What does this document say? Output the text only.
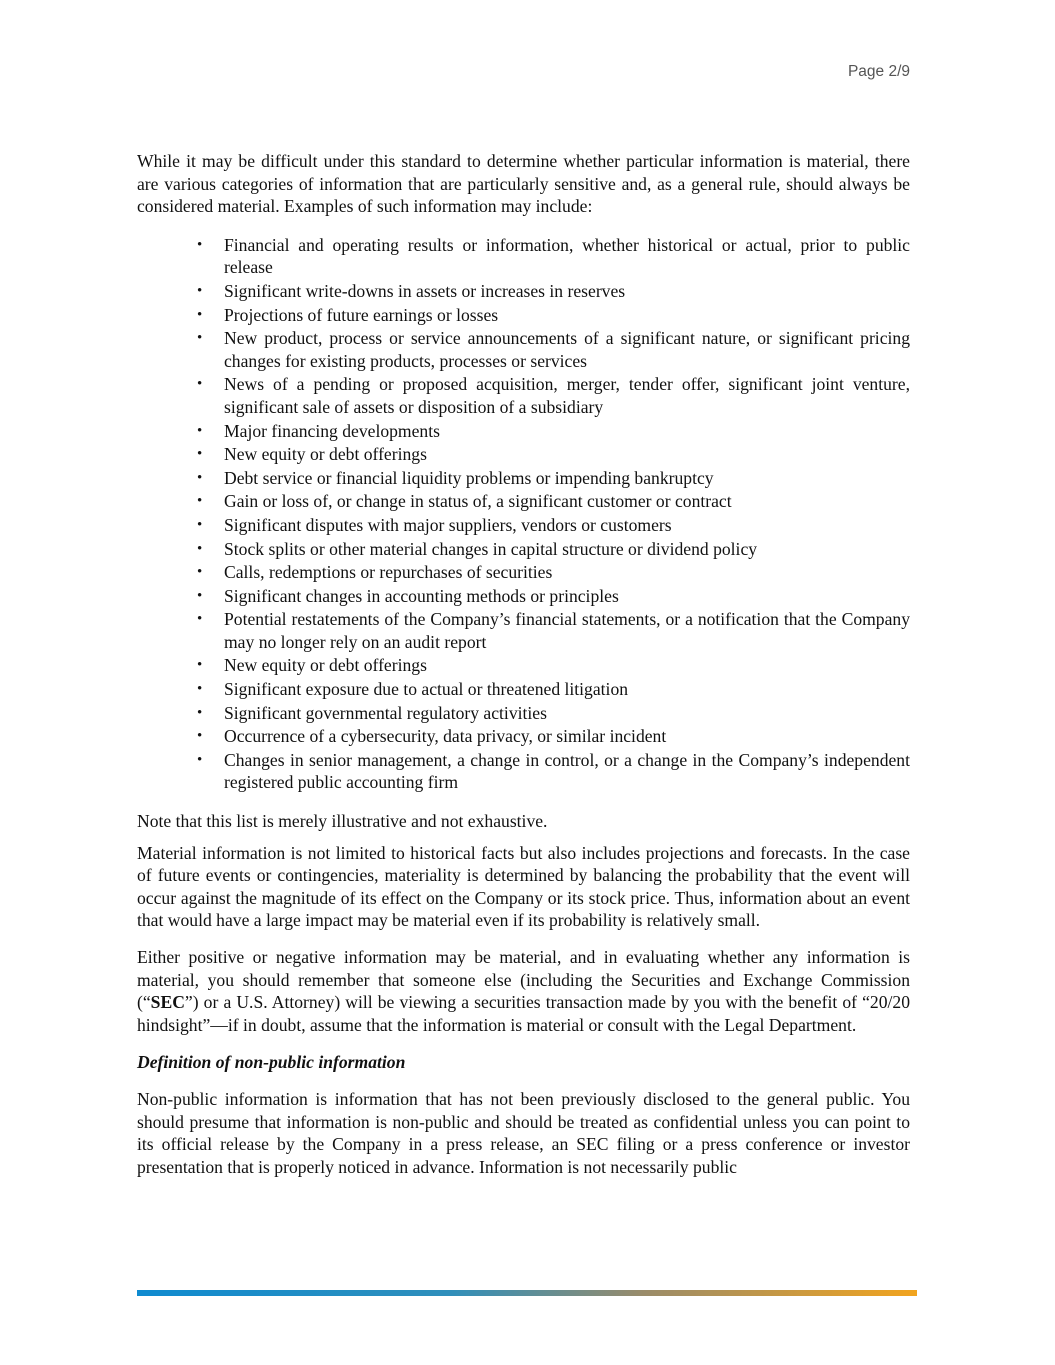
Page 2/9

While it may be difficult under this standard to determine whether particular information is material, there are various categories of information that are particularly sensitive and, as a general rule, should always be considered material. Examples of such information may include:

• Financial and operating results or information, whether historical or actual, prior to public release
• Significant write-downs in assets or increases in reserves
• Projections of future earnings or losses
• New product, process or service announcements of a significant nature, or significant pricing changes for existing products, processes or services
• News of a pending or proposed acquisition, merger, tender offer, significant joint venture, significant sale of assets or disposition of a subsidiary
• Major financing developments
• New equity or debt offerings
• Debt service or financial liquidity problems or impending bankruptcy
• Gain or loss of, or change in status of, a significant customer or contract
• Significant disputes with major suppliers, vendors or customers
• Stock splits or other material changes in capital structure or dividend policy
• Calls, redemptions or repurchases of securities
• Significant changes in accounting methods or principles
• Potential restatements of the Company’s financial statements, or a notification that the Company may no longer rely on an audit report
• New equity or debt offerings
• Significant exposure due to actual or threatened litigation
• Significant governmental regulatory activities
• Occurrence of a cybersecurity, data privacy, or similar incident
• Changes in senior management, a change in control, or a change in the Company’s independent registered public accounting firm

Note that this list is merely illustrative and not exhaustive.

Material information is not limited to historical facts but also includes projections and forecasts. In the case of future events or contingencies, materiality is determined by balancing the probability that the event will occur against the magnitude of its effect on the Company or its stock price. Thus, information about an event that would have a large impact may be material even if its probability is relatively small.

Either positive or negative information may be material, and in evaluating whether any information is material, you should remember that someone else (including the Securities and Exchange Commission (“SEC”) or a U.S. Attorney) will be viewing a securities transaction made by you with the benefit of “20/20 hindsight”—if in doubt, assume that the information is material or consult with the Legal Department.

Definition of non-public information

Non-public information is information that has not been previously disclosed to the general public. You should presume that information is non-public and should be treated as confidential unless you can point to its official release by the Company in a press release, an SEC filing or a press conference or investor presentation that is properly noticed in advance. Information is not necessarily public
